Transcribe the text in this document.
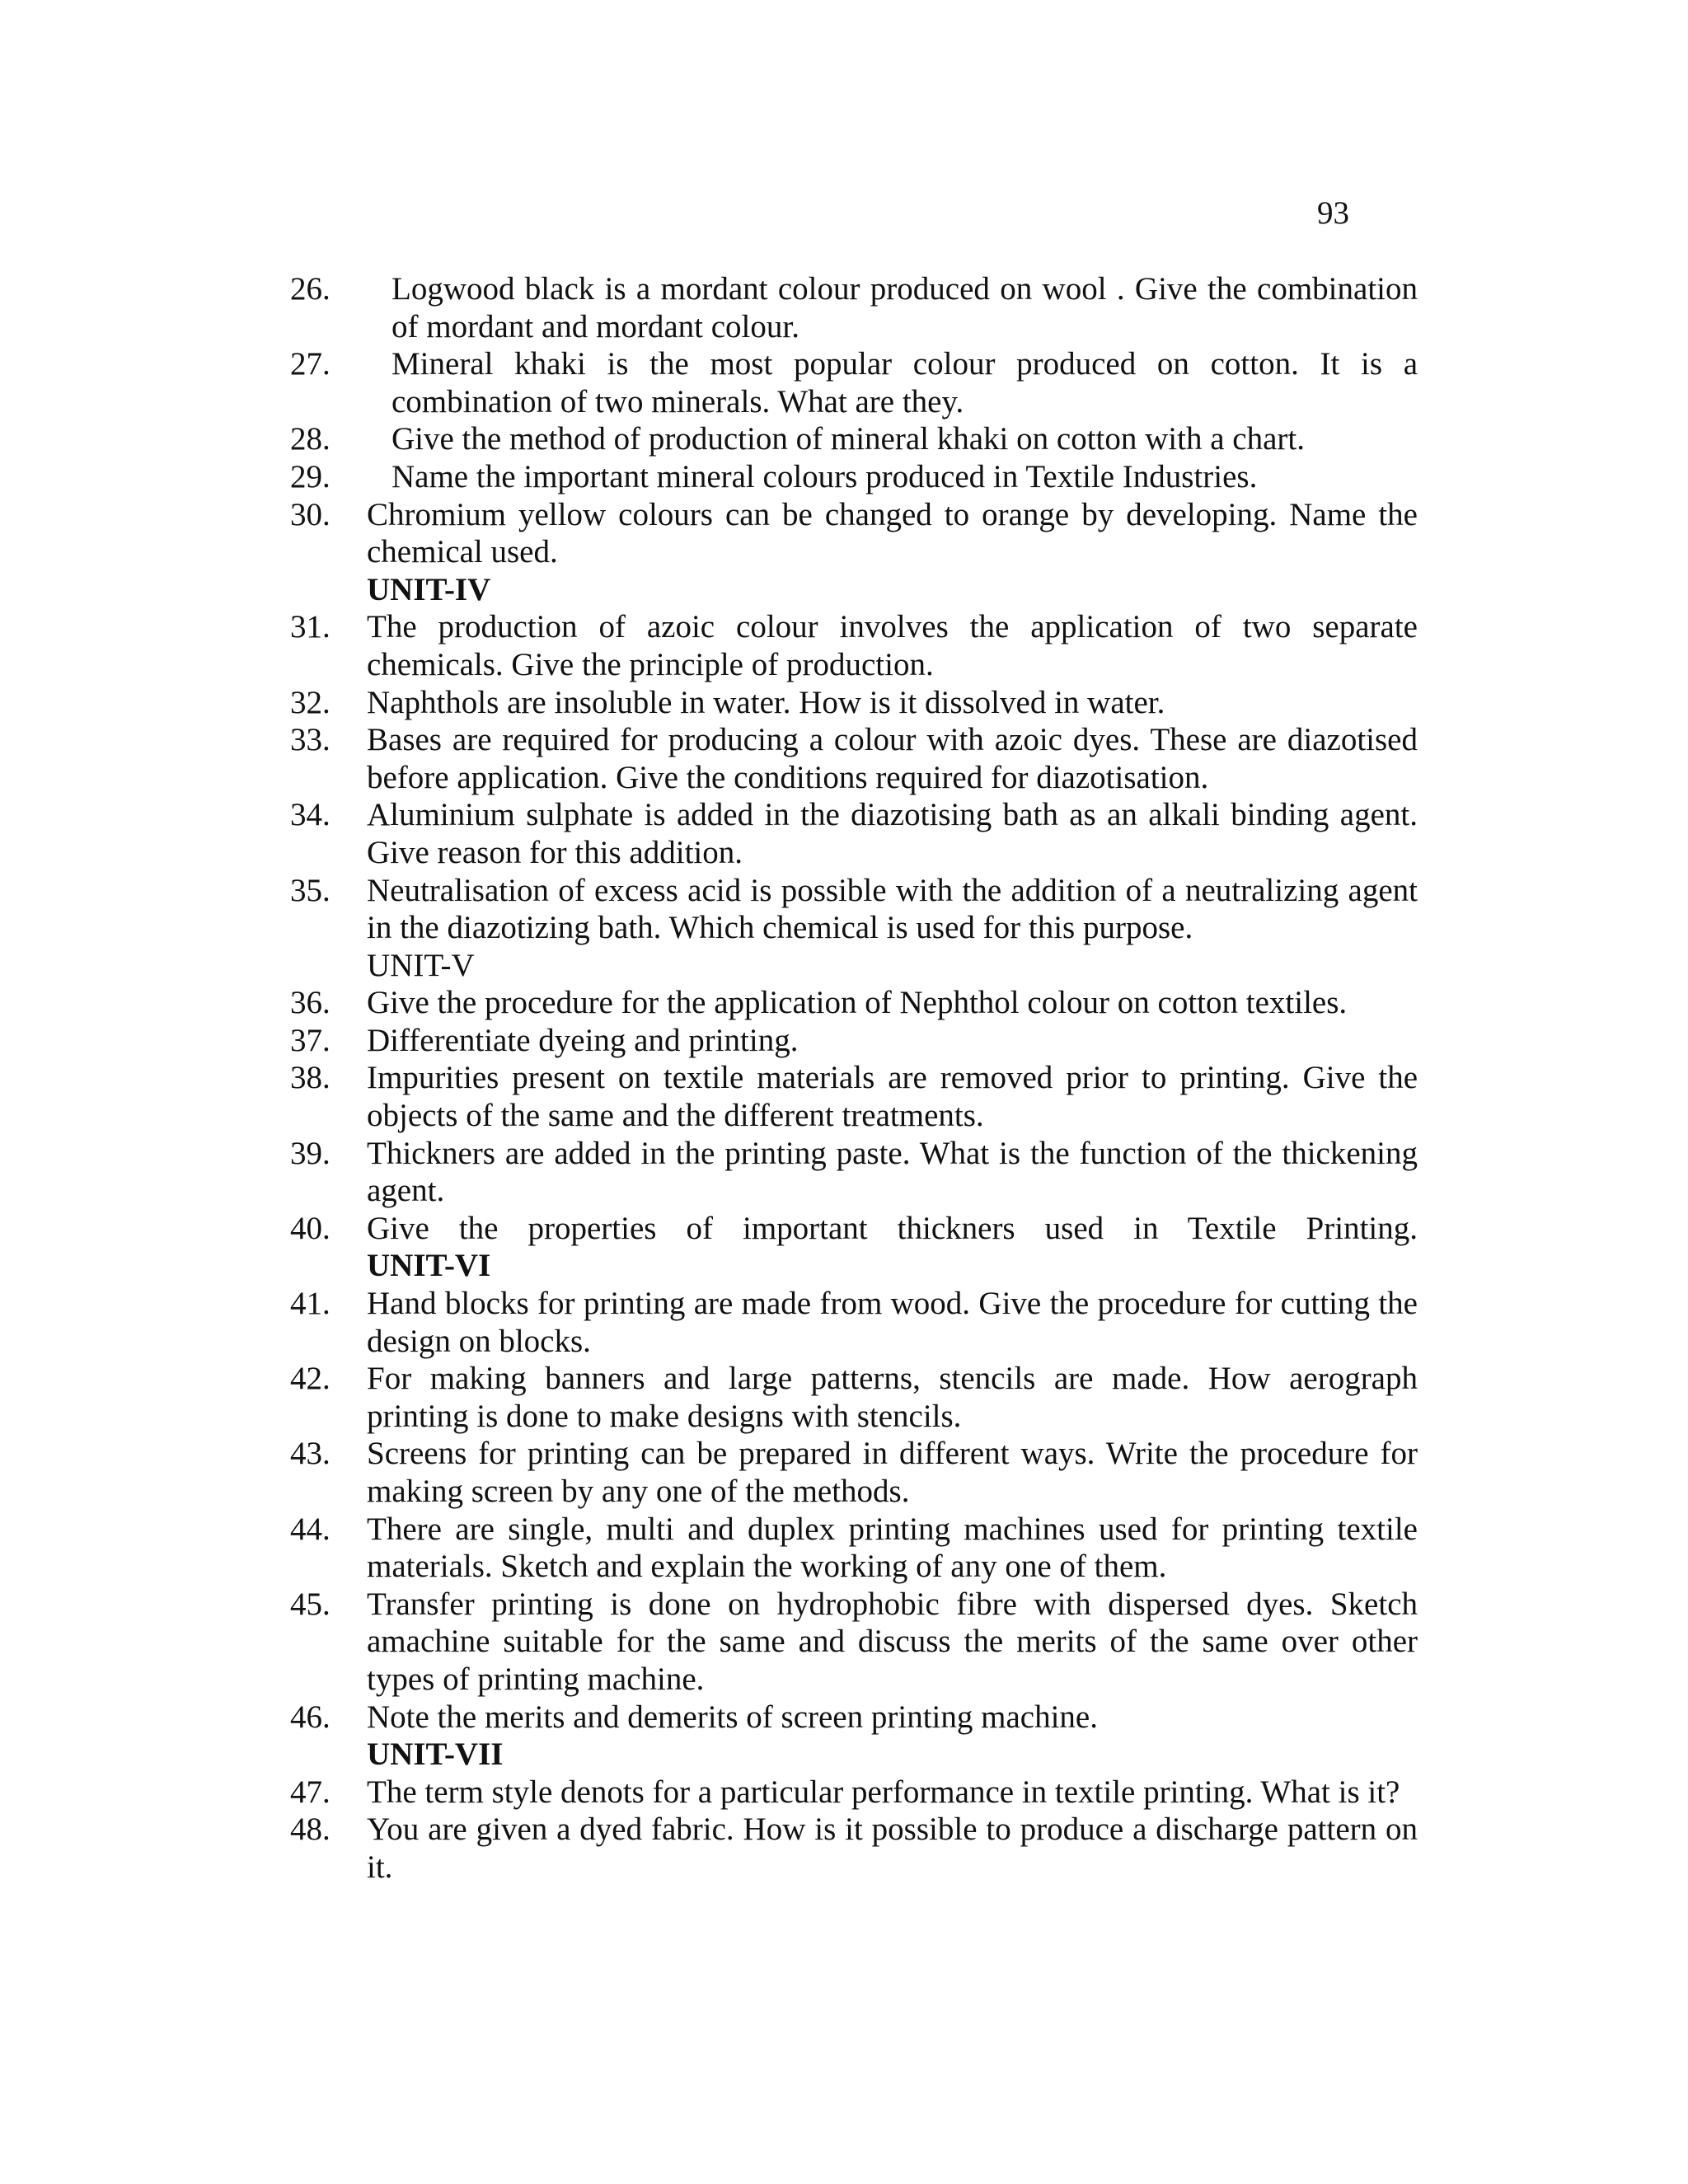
93
26.	Logwood black is a mordant colour produced on wool . Give the combination of mordant and mordant colour.
27.	Mineral khaki is the most popular colour produced on cotton. It is a combination of two minerals. What are they.
28.	Give the method of production of mineral khaki on cotton with a chart.
29.	Name the important mineral colours produced in Textile Industries.
30.	Chromium yellow colours can be changed to orange by developing. Name the chemical used.
UNIT-IV
31.	The production of azoic colour involves the application of two separate chemicals. Give the principle of production.
32.	Naphthols are insoluble in water. How is it dissolved in water.
33.	Bases are required for producing a colour with azoic dyes. These are diazotised before application. Give the conditions required for diazotisation.
34.	Aluminium sulphate is added in the diazotising bath as an alkali binding agent. Give reason for this addition.
35.	Neutralisation of excess acid is possible with the addition of a neutralizing agent in the diazotizing bath. Which chemical is used for this purpose.
UNIT-V
36.	Give the procedure for the application of Nephthol colour on cotton textiles.
37.	Differentiate dyeing and printing.
38.	Impurities present on textile materials are removed prior to printing. Give the objects of the same and the different treatments.
39.	Thickners are added in the printing paste. What is the function of the thickening agent.
40.	Give the properties of important thickners used in Textile Printing.
UNIT-VI
41.	Hand blocks for printing are made from wood. Give the procedure for cutting the design on blocks.
42.	For making banners and large patterns, stencils are made. How aerograph printing is done to make designs with stencils.
43.	Screens for printing can be prepared in different ways. Write the procedure for making screen by any one of the methods.
44.	There are single, multi and duplex printing machines used for printing textile materials. Sketch and explain the working of any one of them.
45.	Transfer printing is done on hydrophobic fibre with dispersed dyes. Sketch amachine suitable for the same and discuss the merits of the same over other types of printing machine.
46.	Note the merits and demerits of screen printing machine.
UNIT-VII
47.	The term style denots for a particular performance in textile printing. What is it?
48.	You are given a dyed fabric. How is it possible to produce a discharge pattern on it.
